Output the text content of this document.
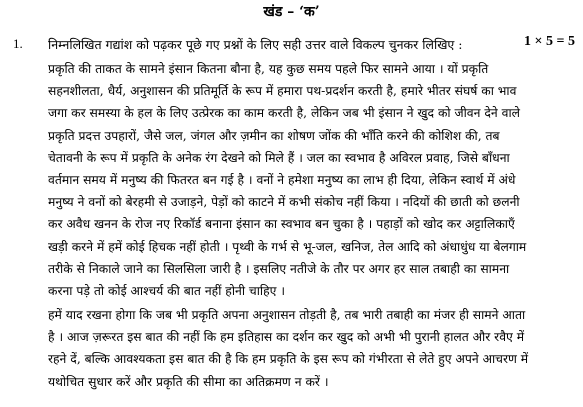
खंड – ‘क’
1. निम्नलिखित गद्यांश को पढ़कर पूछे गए प्रश्नों के लिए सही उत्तर वाले विकल्प चुनकर लिखिए :	1 × 5 = 5
प्रकृति की ताकत के सामने इंसान कितना बौना है, यह कुछ समय पहले फिर सामने आया । यों प्रकृति
सहनशीलता, धैर्य, अनुशासन की प्रतिमूर्ति के रूप में हमारा पथ-प्रदर्शन करती है, हमारे भीतर संघर्ष का भाव
जगा कर समस्या के हल के लिए उत्प्रेरक का काम करती है, लेकिन जब भी इंसान ने खुद को जीवन देने वाले
प्रकृति प्रदत्त उपहारों, जैसे जल, जंगल और ज़मीन का शोषण जोंक की भाँति करने की कोशिश की, तब
चेतावनी के रूप में प्रकृति के अनेक रंग देखने को मिले हैं । जल का स्वभाव है अविरल प्रवाह, जिसे बाँधना
वर्तमान समय में मनुष्य की फितरत बन गई है । वनों ने हमेशा मनुष्य का लाभ ही दिया, लेकिन स्वार्थ में अंधे
मनुष्य ने वनों को बेरहमी से उजाड़ने, पेड़ों को काटने में कभी संकोच नहीं किया । नदियों की छाती को छलनी
कर अवैध खनन के रोज नए रिकॉर्ड बनाना इंसान का स्वभाव बन चुका है । पहाड़ों को खोद कर अट्टालिकाएँ
खड़ी करने में हमें कोई हिचक नहीं होती । पृथ्वी के गर्भ से भू-जल, खनिज, तेल आदि को अंधाधुंध या बेलगाम
तरीके से निकाले जाने का सिलसिला जारी है । इसलिए नतीजे के तौर पर अगर हर साल तबाही का सामना
करना पड़े तो कोई आश्चर्य की बात नहीं होनी चाहिए ।
हमें याद रखना होगा कि जब भी प्रकृति अपना अनुशासन तोड़ती है, तब भारी तबाही का मंजर ही सामने आता
है । आज ज़रूरत इस बात की नहीं कि हम इतिहास का दर्शन कर खुद को अभी भी पुरानी हालत और रवैए में
रहने दें, बल्कि आवश्यकता इस बात की है कि हम प्रकृति के इस रूप को गंभीरता से लेते हुए अपने आचरण में
यथोचित सुधार करें और प्रकृति की सीमा का अतिक्रमण न करें ।
